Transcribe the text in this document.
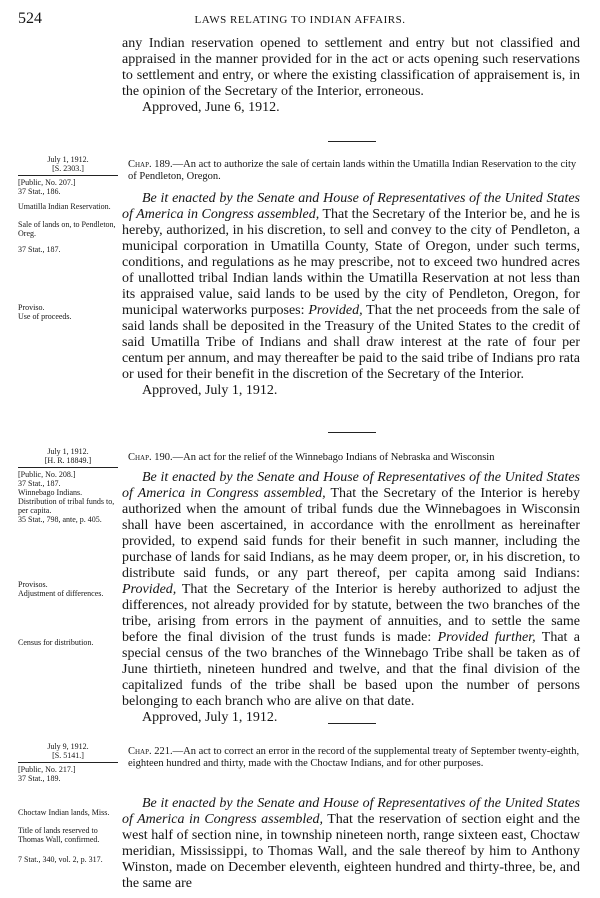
524	LAWS RELATING TO INDIAN AFFAIRS.

any Indian reservation opened to settlement and entry but not classified and appraised in the manner provided for in the act or acts opening such reservations to settlement and entry, or where the existing classification of appraisement is, in the opinion of the Secretary of the Interior, erroneous.

Approved, June 6, 1912.

July 1, 1912.
[S. 2303.]
[Public, No. 207.]
37 Stat., 186.
Chap. 189.—An act to authorize the sale of certain lands within the Umatilla Indian Reservation to the city of Pendleton, Oregon.
Umatilla Indian Reservation.
Sale of lands on, to Pendleton, Oreg.
37 Stat., 187.
Proviso.
Use of proceeds.

Be it enacted by the Senate and House of Representatives of the United States of America in Congress assembled, That the Secretary of the Interior be, and he is hereby, authorized, in his discretion, to sell and convey to the city of Pendleton, a municipal corporation in Umatilla County, State of Oregon, under such terms, conditions, and regulations as he may prescribe, not to exceed two hundred acres of unallotted tribal Indian lands within the Umatilla Reservation at not less than its appraised value, said lands to be used by the city of Pendleton, Oregon, for municipal waterworks purposes: Provided, That the net proceeds from the sale of said lands shall be deposited in the Treasury of the United States to the credit of said Umatilla Tribe of Indians and shall draw interest at the rate of four per centum per annum, and may thereafter be paid to the said tribe of Indians pro rata or used for their benefit in the discretion of the Secretary of the Interior.

Approved, July 1, 1912.

July 1, 1912.
[H. R. 18849.]
[Public, No. 208.]
37 Stat., 187.
Chap. 190.—An act for the relief of the Winnebago Indians of Nebraska and Wisconsin
Winnebago Indians.
Distribution of tribal funds to, per capita.
35 Stat., 798, ante, p. 405.
Provisos.
Adjustment of differences.
Census for distribution.

Be it enacted by the Senate and House of Representatives of the United States of America in Congress assembled, That the Secretary of the Interior is hereby authorized when the amount of tribal funds due the Winnebagoes in Wisconsin shall have been ascertained, in accordance with the enrollment as hereinafter provided, to expend said funds for their benefit in such manner, including the purchase of lands for said Indians, as he may deem proper, or, in his discretion, to distribute said funds, or any part thereof, per capita among said Indians: Provided, That the Secretary of the Interior is hereby authorized to adjust the differences, not already provided for by statute, between the two branches of the tribe, arising from errors in the payment of annuities, and to settle the same before the final division of the trust funds is made: Provided further, That a special census of the two branches of the Winnebago Tribe shall be taken as of June thirtieth, nineteen hundred and twelve, and that the final division of the capitalized funds of the tribe shall be based upon the number of persons belonging to each branch who are alive on that date.

Approved, July 1, 1912.

July 9, 1912.
[S. 5141.]
[Public, No. 217.]
37 Stat., 189.
Chap. 221.—An act to correct an error in the record of the supplemental treaty of September twenty-eighth, eighteen hundred and thirty, made with the Choctaw Indians, and for other purposes.
Choctaw Indian lands, Miss.
Title of lands reserved to Thomas Wall, confirmed.
7 Stat., 340, vol. 2, p. 317.

Be it enacted by the Senate and House of Representatives of the United States of America in Congress assembled, That the reservation of section eight and the west half of section nine, in township nineteen north, range sixteen east, Choctaw meridian, Mississippi, to Thomas Wall, and the sale thereof by him to Anthony Winston, made on December eleventh, eighteen hundred and thirty-three, be, and the same are
